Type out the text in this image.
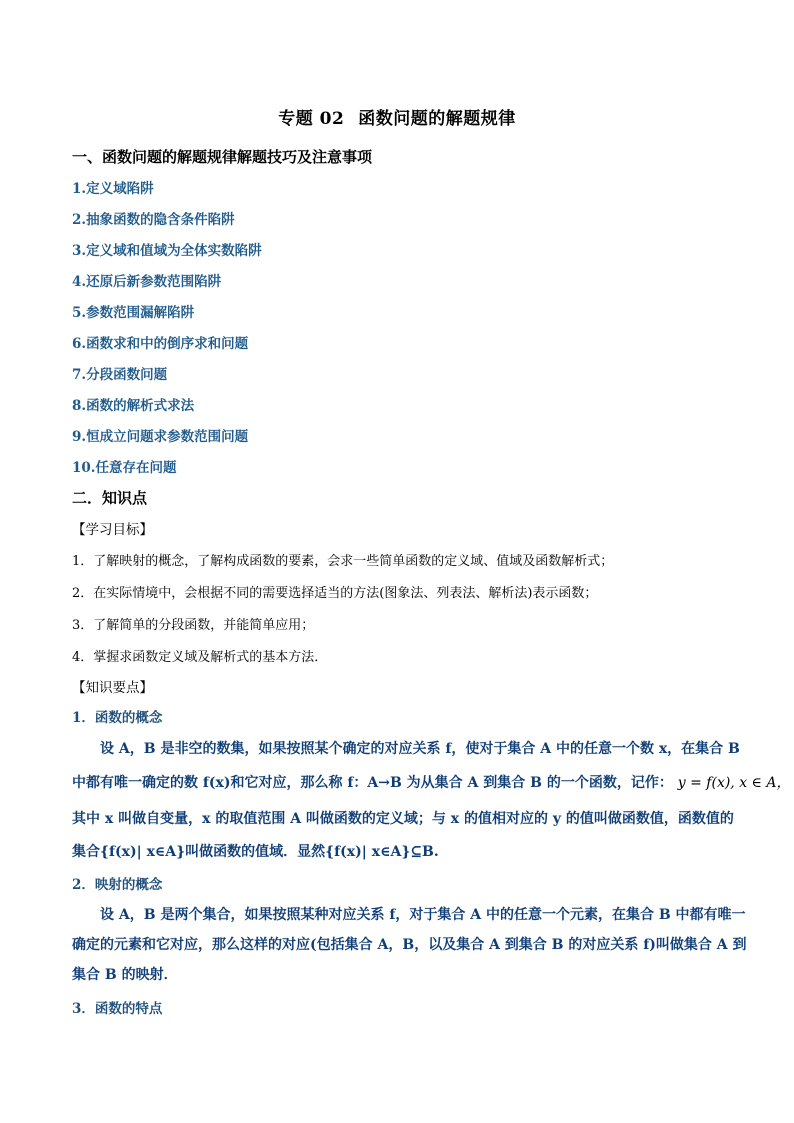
专题 02 函数问题的解题规律
一、函数问题的解题规律解题技巧及注意事项
1.定义域陷阱
2.抽象函数的隐含条件陷阱
3.定义域和值域为全体实数陷阱
4.还原后新参数范围陷阱
5.参数范围漏解陷阱
6.函数求和中的倒序求和问题
7.分段函数问题
8.函数的解析式求法
9.恒成立问题求参数范围问题
10.任意存在问题
二．知识点
【学习目标】
1．了解映射的概念，了解构成函数的要素，会求一些简单函数的定义域、值域及函数解析式；
2．在实际情境中，会根据不同的需要选择适当的方法(图象法、列表法、解析法)表示函数；
3．了解简单的分段函数，并能简单应用；
4．掌握求函数定义域及解析式的基本方法．
【知识要点】
1．函数的概念
设 A，B 是非空的数集，如果按照某个确定的对应关系 f，使对于集合 A 中的任意一个数 x，在集合 B
中都有唯一确定的数 f(x)和它对应，那么称 f：A→B 为从集合 A 到集合 B 的一个函数，记作： y = f(x), x ∈ A，
其中 x 叫做自变量，x 的取值范围 A 叫做函数的定义域；与 x 的值相对应的 y 的值叫做函数值，函数值的
集合{f(x)| x∈A}叫做函数的值域．显然{f(x)| x∈A}⊆B.
2．映射的概念
设 A，B 是两个集合，如果按照某种对应关系 f，对于集合 A 中的任意一个元素，在集合 B 中都有唯一
确定的元素和它对应，那么这样的对应(包括集合 A，B，以及集合 A 到集合 B 的对应关系 f)叫做集合 A 到
集合 B 的映射．
3．函数的特点
